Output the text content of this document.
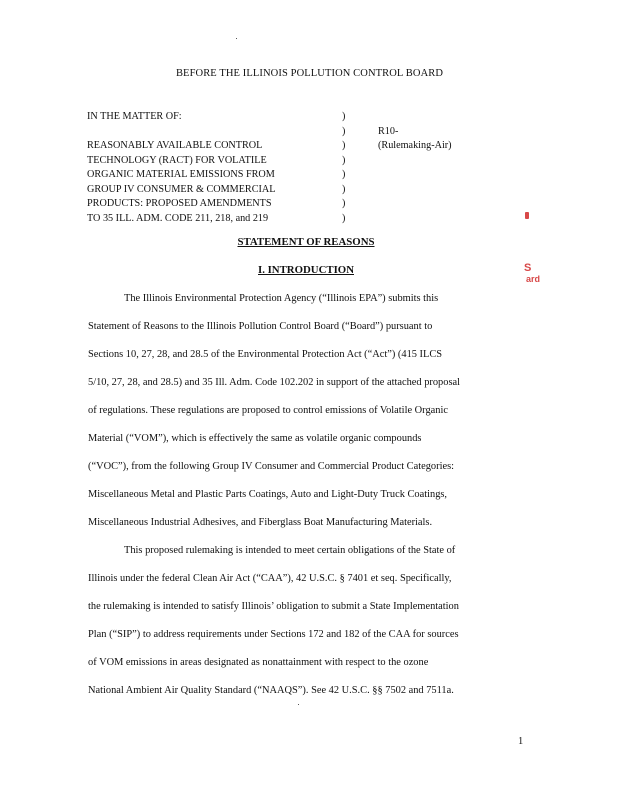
BEFORE THE ILLINOIS POLLUTION CONTROL BOARD
IN THE MATTER OF:
REASONABLY AVAILABLE CONTROL
TECHNOLOGY (RACT) FOR VOLATILE
ORGANIC MATERIAL EMISSIONS FROM
GROUP IV CONSUMER & COMMERCIAL
PRODUCTS: PROPOSED AMENDMENTS
TO 35 ILL. ADM. CODE 211, 218, and 219
)
)
)
)
)
)
)
)
R10-
(Rulemaking-Air)
S
ard
STATEMENT OF REASONS
I. INTRODUCTION
The Illinois Environmental Protection Agency (“Illinois EPA”) submits this
Statement of Reasons to the Illinois Pollution Control Board (“Board”) pursuant to
Sections 10, 27, 28, and 28.5 of the Environmental Protection Act (“Act”) (415 ILCS
5/10, 27, 28, and 28.5) and 35 Ill. Adm. Code 102.202 in support of the attached proposal
of regulations. These regulations are proposed to control emissions of Volatile Organic
Material (“VOM”), which is effectively the same as volatile organic compounds
(“VOC”), from the following Group IV Consumer and Commercial Product Categories:
Miscellaneous Metal and Plastic Parts Coatings, Auto and Light-Duty Truck Coatings,
Miscellaneous Industrial Adhesives, and Fiberglass Boat Manufacturing Materials.
This proposed rulemaking is intended to meet certain obligations of the State of
Illinois under the federal Clean Air Act (“CAA”), 42 U.S.C. § 7401 et seq. Specifically,
the rulemaking is intended to satisfy Illinois’ obligation to submit a State Implementation
Plan (“SIP”) to address requirements under Sections 172 and 182 of the CAA for sources
of VOM emissions in areas designated as nonattainment with respect to the ozone
National Ambient Air Quality Standard (“NAAQS”). See 42 U.S.C. §§ 7502 and 7511a.
1
